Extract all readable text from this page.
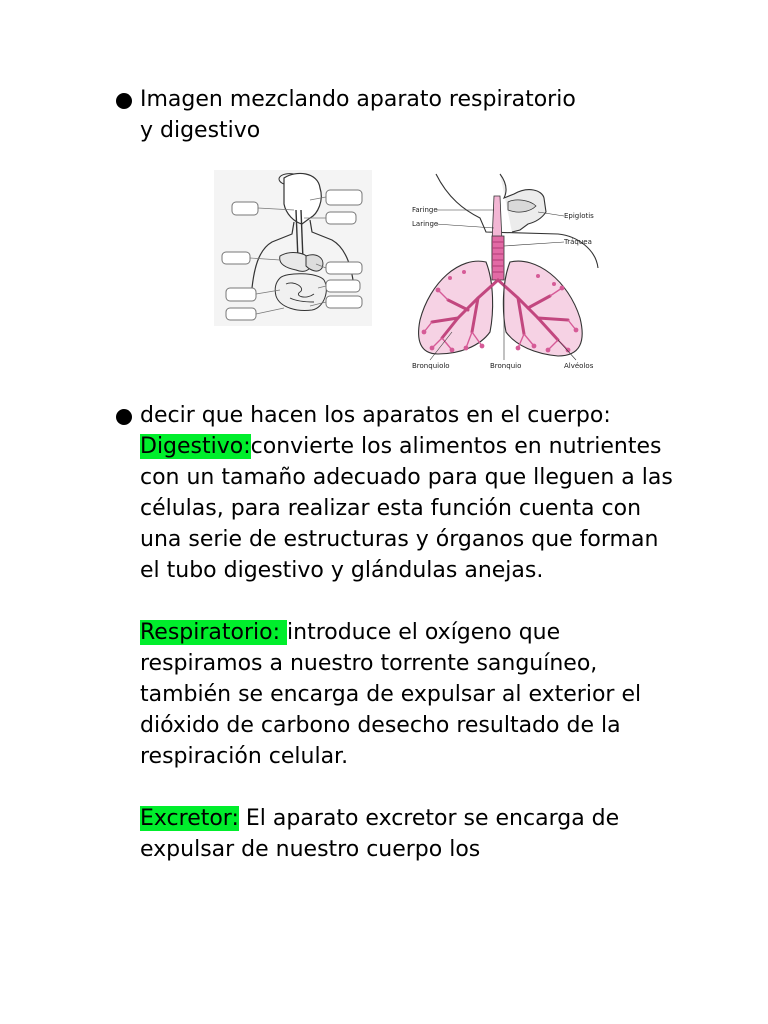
Imagen mezclando aparato respiratorio
y digestivo
Faringe
Laringe
Epiglotis
Tráquea
Bronquiolo	Bronquio	Alvéolos
decir que hacen los aparatos en el cuerpo:
Digestivo:convierte los alimentos en nutrientes con un tamaño adecuado para que lleguen a las células, para realizar esta función cuenta con una serie de estructuras y órganos que forman el tubo digestivo y glándulas anejas.
Respiratorio: introduce el oxígeno que respiramos a nuestro torrente sanguíneo, también se encarga de expulsar al exterior el dióxido de carbono desecho resultado de la respiración celular.
Excretor: El aparato excretor se encarga de expulsar de nuestro cuerpo los
